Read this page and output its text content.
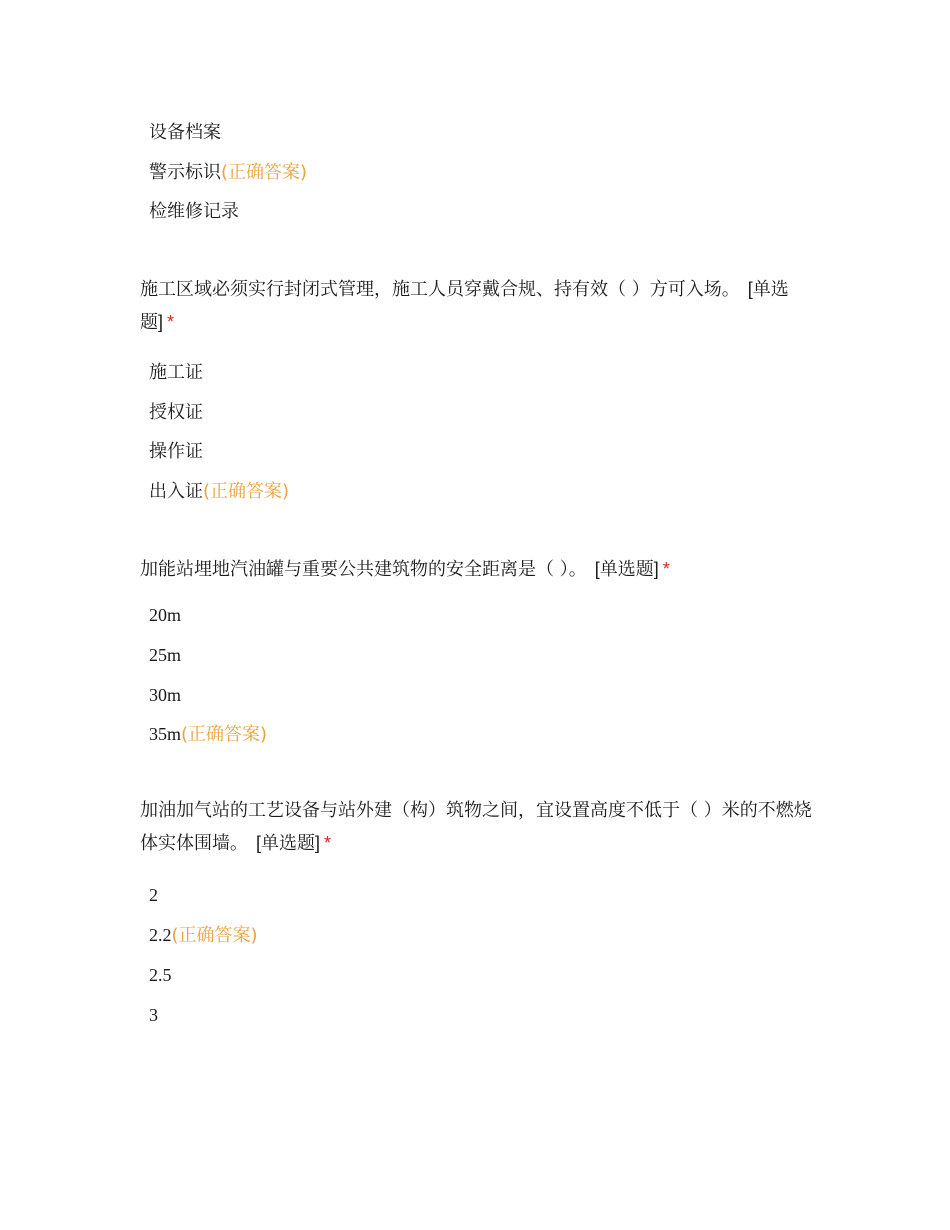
设备档案
警示标识(正确答案)
检维修记录
施工区域必须实行封闭式管理，施工人员穿戴合规、持有效（ ）方可入场。 [单选题] *
施工证
授权证
操作证
出入证(正确答案)
加能站埋地汽油罐与重要公共建筑物的安全距离是（ ）。 [单选题] *
20m
25m
30m
35m(正确答案)
加油加气站的工艺设备与站外建（构）筑物之间，宜设置高度不低于（ ）米的不燃烧体实体围墙。 [单选题] *
2
2.2(正确答案)
2.5
3
